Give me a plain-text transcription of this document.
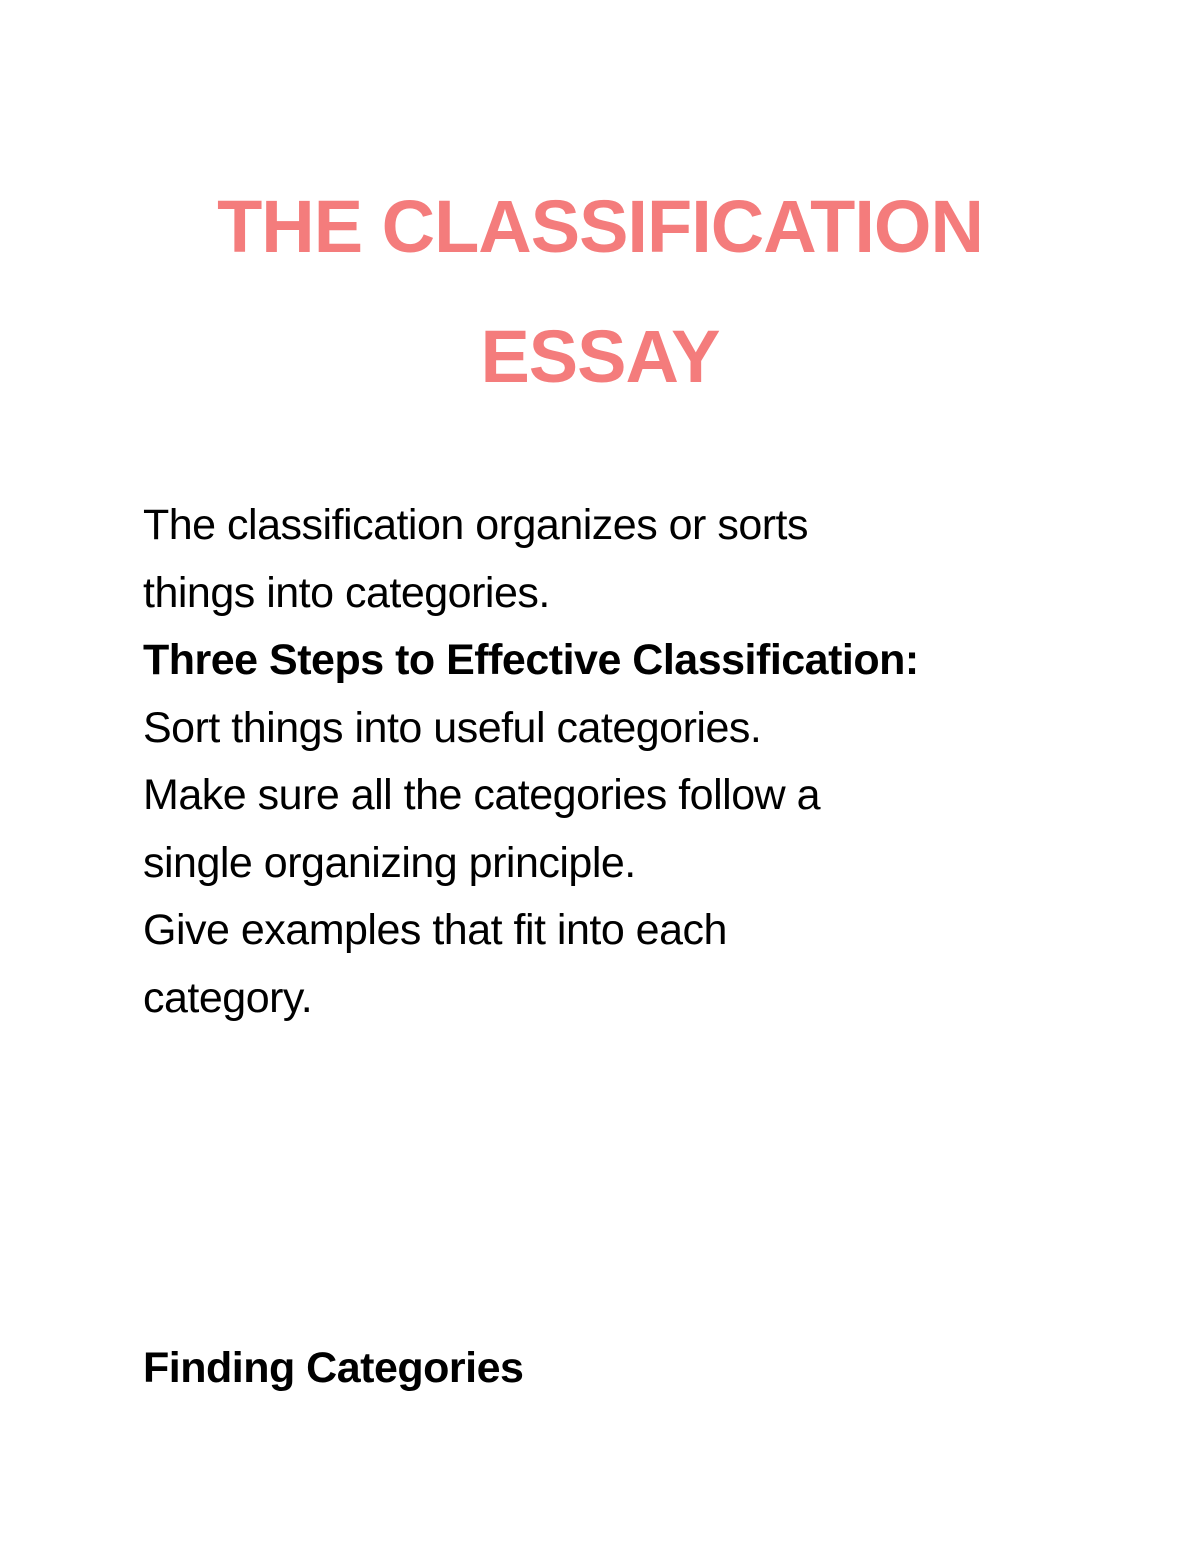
THE CLASSIFICATION
ESSAY
The classification organizes or sorts
things into categories.
Three Steps to Effective Classification:
Sort things into useful categories.
Make sure all the categories follow a
single organizing principle.
Give examples that fit into each
category.
Finding Categories
